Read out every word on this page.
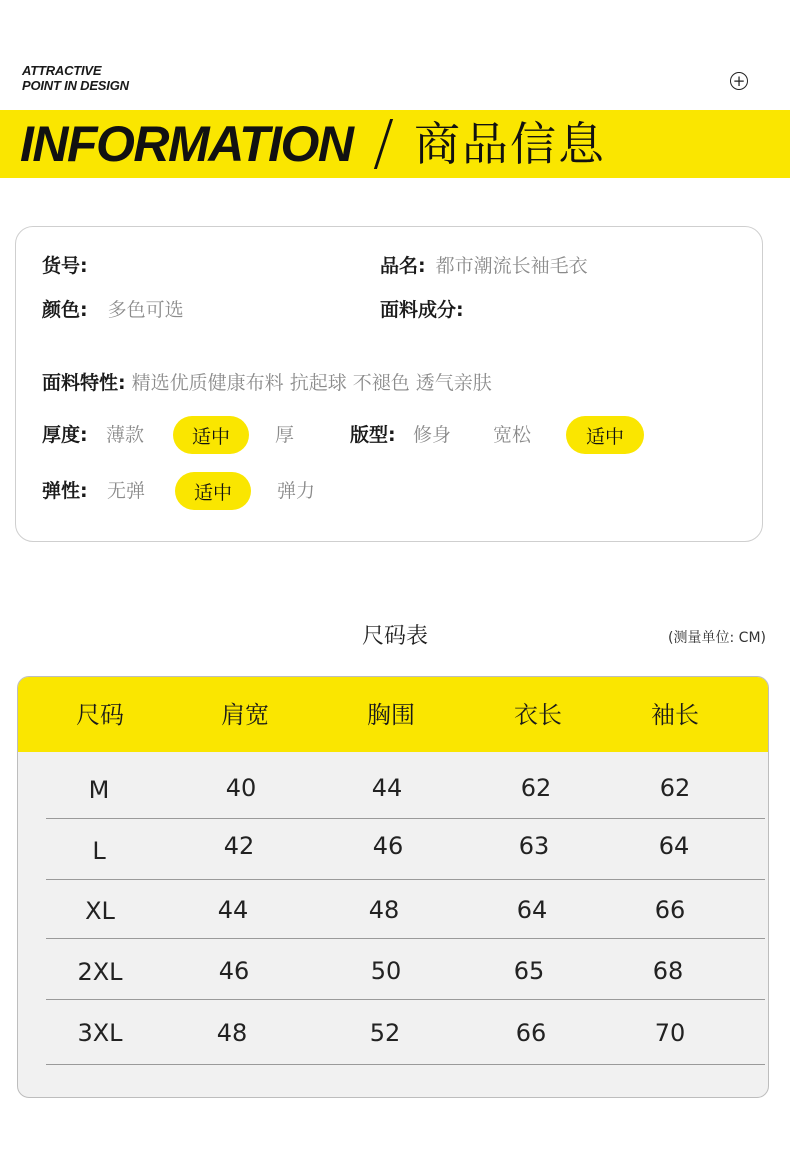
ATTRACTIVE
POINT IN DESIGN	+
INFORMATION 商品信息
货号:	品名: 都市潮流长袖毛衣
颜色: 多色可选	面料成分:
面料特性: 精选优质健康布料 抗起球 不褪色 透气亲肤
厚度: 薄款	适中	厚	版型: 修身 宽松	适中
弹性: 无弹	适中	弹力
尺码表	(测量单位: CM)
尺码	肩宽	胸围	衣长	袖长
M	40	44	62	62
L	42	46	63	64
XL	44	48	64	66
2XL	46	50	65	68
3XL	48	52	66	70
